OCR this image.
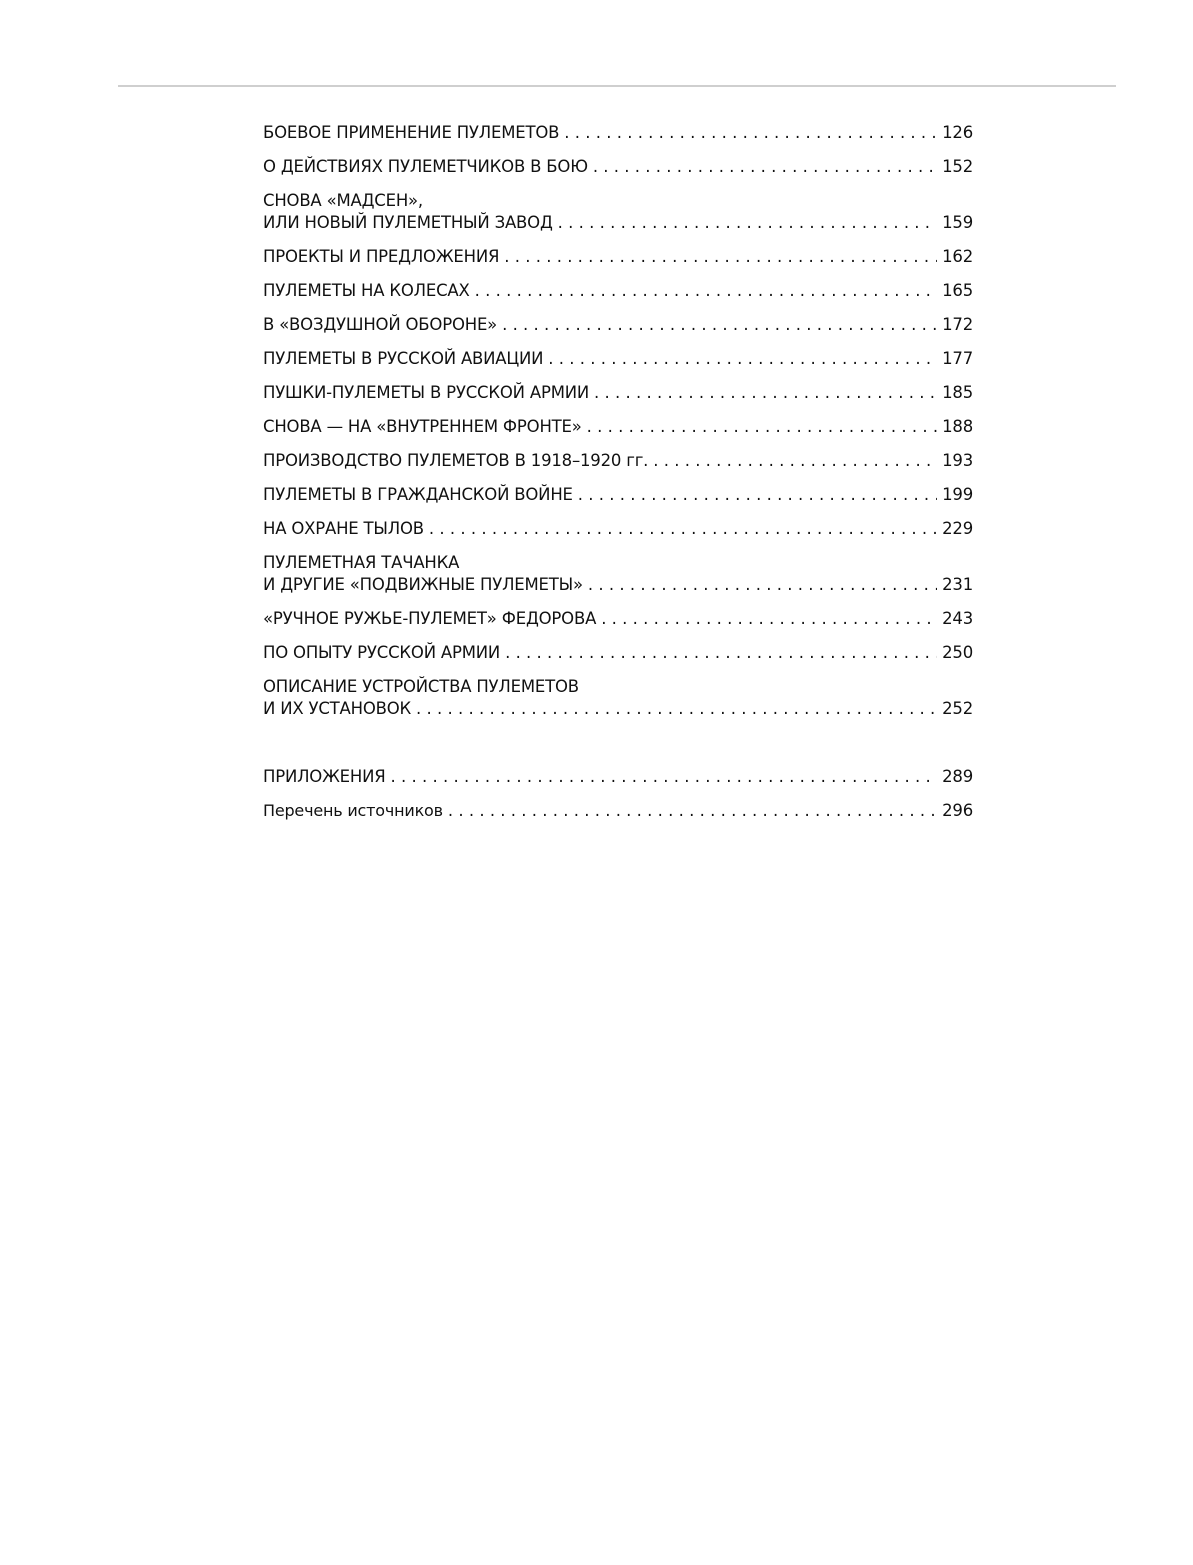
БОЕВОЕ ПРИМЕНЕНИЕ ПУЛЕМЕТОВ . . .	126
О ДЕЙСТВИЯХ ПУЛЕМЕТЧИКОВ В БОЮ . . .	152
СНОВА «МАДСЕН»,
ИЛИ НОВЫЙ ПУЛЕМЕТНЫЙ ЗАВОД . . .	159
ПРОЕКТЫ И ПРЕДЛОЖЕНИЯ . . .	162
ПУЛЕМЕТЫ НА КОЛЕСАХ . . .	165
В «ВОЗДУШНОЙ ОБОРОНЕ» . . .	172
ПУЛЕМЕТЫ В РУССКОЙ АВИАЦИИ . . .	177
ПУШКИ-ПУЛЕМЕТЫ В РУССКОЙ АРМИИ . . .	185
СНОВА — НА «ВНУТРЕННЕМ ФРОНТЕ» . . .	188
ПРОИЗВОДСТВО ПУЛЕМЕТОВ В 1918–1920 гг. . . .	193
ПУЛЕМЕТЫ В ГРАЖДАНСКОЙ ВОЙНЕ . . .	199
НА ОХРАНЕ ТЫЛОВ . . .	229
ПУЛЕМЕТНАЯ ТАЧАНКА
И ДРУГИЕ «ПОДВИЖНЫЕ ПУЛЕМЕТЫ» . . .	231
«РУЧНОЕ РУЖЬЕ-ПУЛЕМЕТ» ФЕДОРОВА . . .	243
ПО ОПЫТУ РУССКОЙ АРМИИ . . .	250
ОПИСАНИЕ УСТРОЙСТВА ПУЛЕМЕТОВ
И ИХ УСТАНОВОК . . .	252
ПРИЛОЖЕНИЯ . . .	289
Перечень источников . . .	296
